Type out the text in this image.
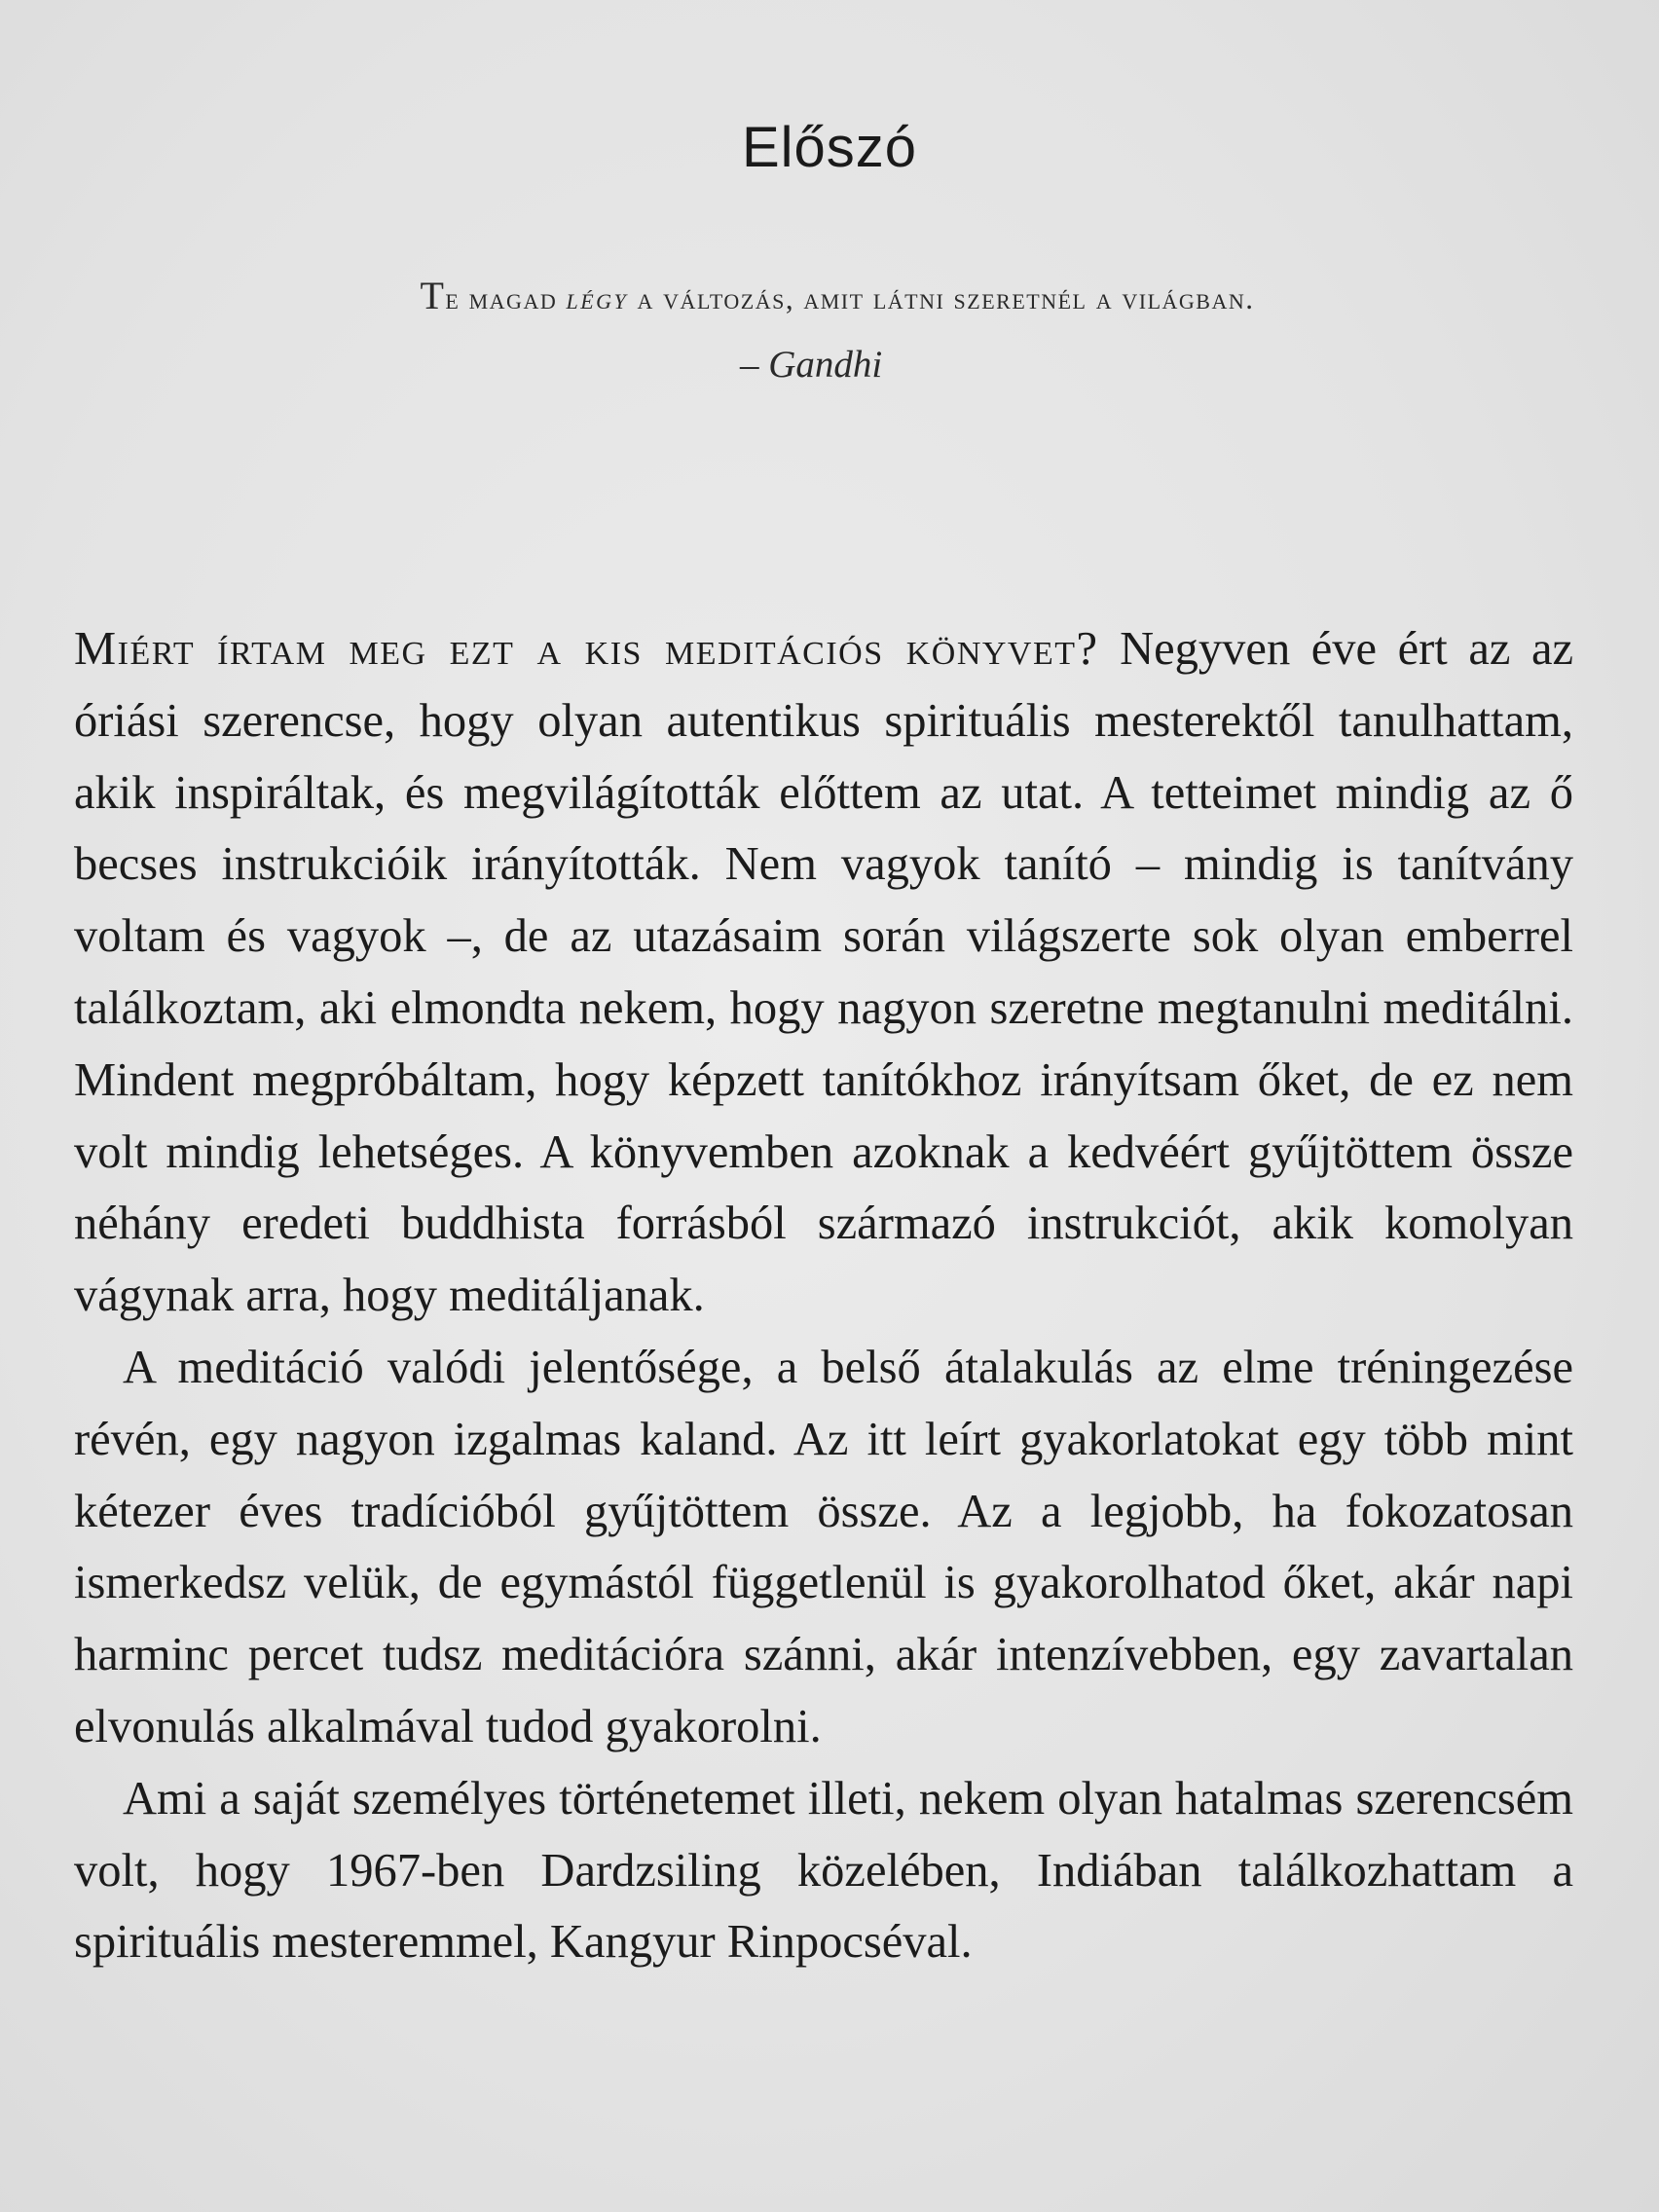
Előszó
Te magad légy a változás, amit látni szeretnél a világban.
– Gandhi

Miért írtam meg ezt a kis meditációs könyvet? Negyven éve ért az az óriási szerencse, hogy olyan autentikus spirituális mesterektől tanulhattam, akik inspiráltak, és megvilágították előttem az utat. A tetteimet mindig az ő becses instrukcióik irányították. Nem vagyok tanító – mindig is tanítvány voltam és vagyok –, de az utazásaim során világszerte sok olyan emberrel találkoztam, aki elmondta nekem, hogy nagyon szeretne megtanulni meditálni. Mindent megpróbáltam, hogy képzett tanítókhoz irányítsam őket, de ez nem volt mindig lehetséges. A könyvemben azoknak a kedvéért gyűjtöttem össze néhány eredeti buddhista forrásból származó instrukciót, akik komolyan vágynak arra, hogy meditáljanak.

A meditáció valódi jelentősége, a belső átalakulás az elme tréningezése révén, egy nagyon izgalmas kaland. Az itt leírt gyakorlatokat egy több mint kétezer éves tradícióból gyűjtöttem össze. Az a legjobb, ha fokozatosan ismerkedsz velük, de egymástól függetlenül is gyakorolhatod őket, akár napi harminc percet tudsz meditációra szánni, akár intenzívebben, egy zavartalan elvonulás alkalmával tudod gyakorolni.

Ami a saját személyes történetemet illeti, nekem olyan hatalmas szerencsém volt, hogy 1967-ben Dardzsiling közelében, Indiában találkozhattam a spirituális mesteremmel, Kangyur Rinpocséval.
